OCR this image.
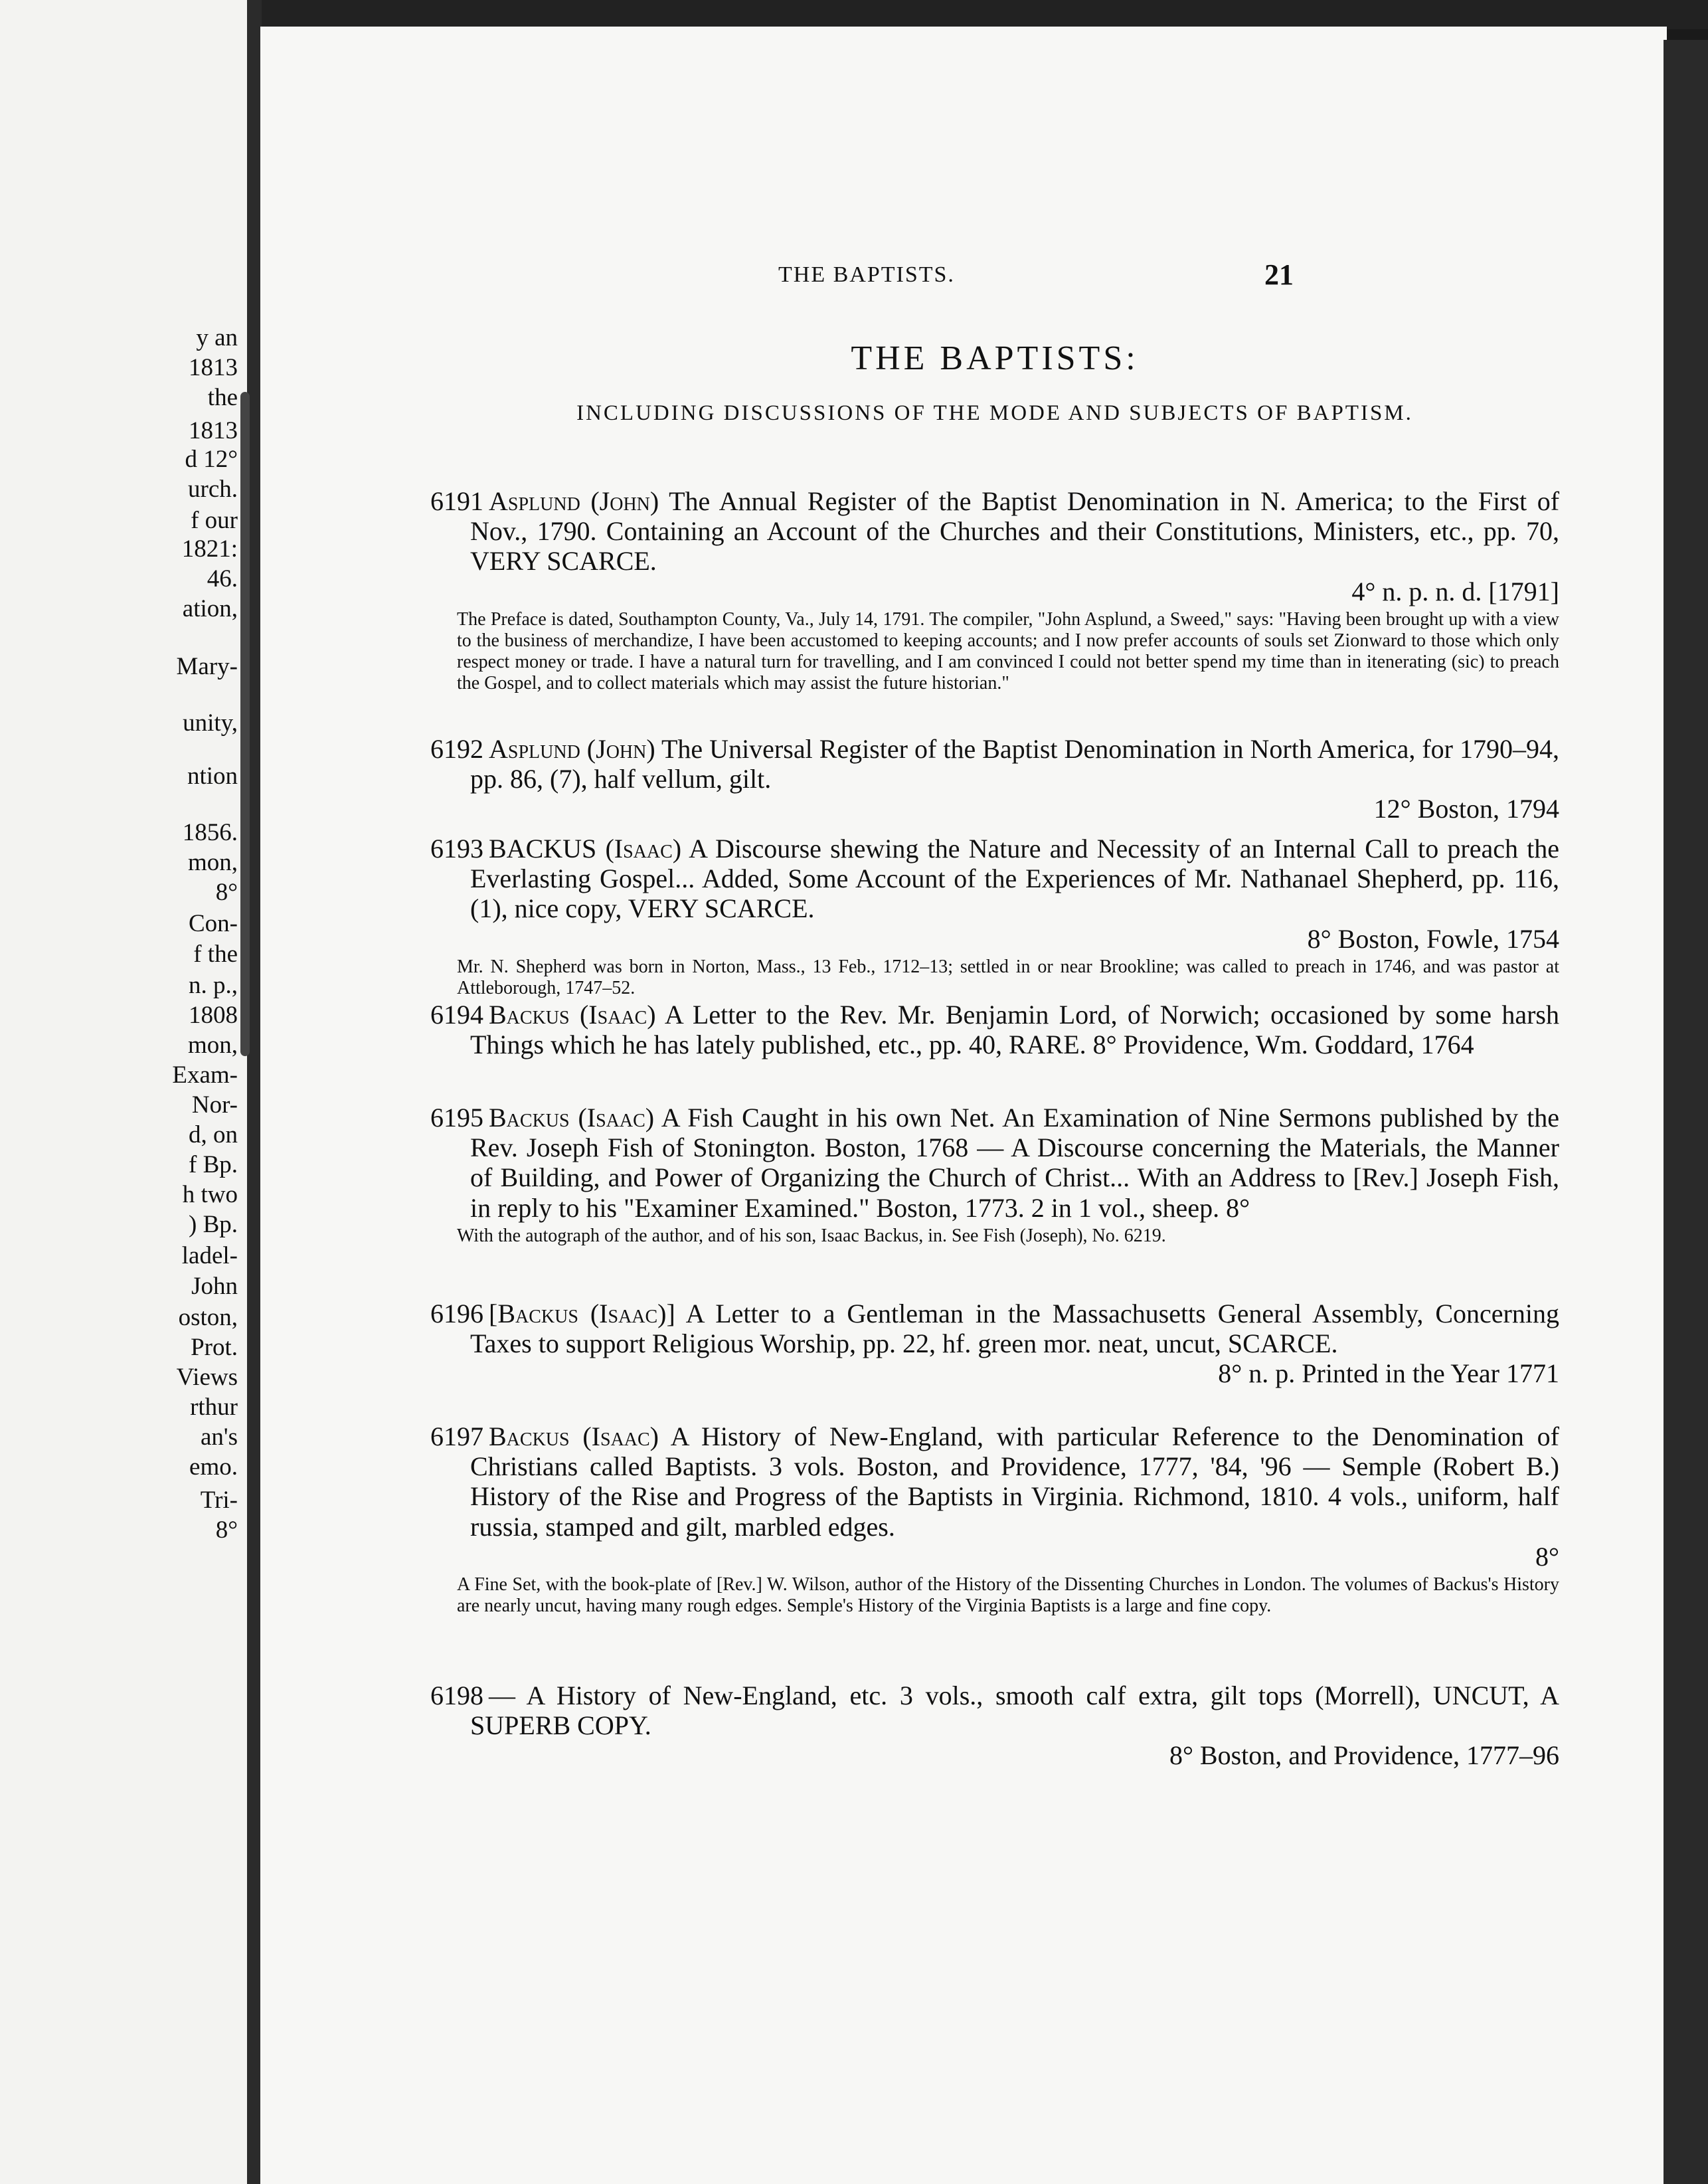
y an
1813
the
1813
d 12°
urch.
f our
1821:
46.
ation,
Mary-
unity,
ntion
1856.
mon,
8°
Con-
f the
n. p.,
1808
mon,
Exam-
Nor-
d, on
f Bp.
h two
) Bp.
ladel-
John
oston,
Prot.
Views
rthur
an's
emo.
Tri-
8°
THE BAPTISTS.	21
THE BAPTISTS:
INCLUDING DISCUSSIONS OF THE MODE AND SUBJECTS OF BAPTISM.
6191 Asplund (John) The Annual Register of the Baptist Denomination in N. America; to the First of Nov., 1790. Containing an Account of the Churches and their Constitutions, Ministers, etc., pp. 70, VERY SCARCE.
4° n. p. n. d. [1791]
The Preface is dated, Southampton County, Va., July 14, 1791. The compiler, "John Asplund, a Sweed," says: "Having been brought up with a view to the business of merchandize, I have been accustomed to keeping accounts; and I now prefer accounts of souls set Zionward to those which only respect money or trade. I have a natural turn for travelling, and I am convinced I could not better spend my time than in itenerating (sic) to preach the Gospel, and to collect materials which may assist the future historian."
6192 Asplund (John) The Universal Register of the Baptist Denomination in North America, for 1790–94, pp. 86, (7), half vellum, gilt.
12° Boston, 1794
6193 BACKUS (Isaac) A Discourse shewing the Nature and Necessity of an Internal Call to preach the Everlasting Gospel... Added, Some Account of the Experiences of Mr. Nathanael Shepherd, pp. 116, (1), nice copy, VERY SCARCE.
8° Boston, Fowle, 1754
Mr. N. Shepherd was born in Norton, Mass., 13 Feb., 1712–13; settled in or near Brookline; was called to preach in 1746, and was pastor at Attleborough, 1747–52.
6194 Backus (Isaac) A Letter to the Rev. Mr. Benjamin Lord, of Norwich; occasioned by some harsh Things which he has lately published, etc., pp. 40, RARE. 8° Providence, Wm. Goddard, 1764
6195 Backus (Isaac) A Fish Caught in his own Net. An Examination of Nine Sermons published by the Rev. Joseph Fish of Stonington. Boston, 1768 — A Discourse concerning the Materials, the Manner of Building, and Power of Organizing the Church of Christ... With an Address to [Rev.] Joseph Fish, in reply to his "Examiner Examined." Boston, 1773. 2 in 1 vol., sheep. 8°
With the autograph of the author, and of his son, Isaac Backus, in. See Fish (Joseph), No. 6219.
6196 [Backus (Isaac)] A Letter to a Gentleman in the Massachusetts General Assembly, Concerning Taxes to support Religious Worship, pp. 22, hf. green mor. neat, uncut, SCARCE.
8° n. p. Printed in the Year 1771
6197 Backus (Isaac) A History of New-England, with particular Reference to the Denomination of Christians called Baptists. 3 vols. Boston, and Providence, 1777, '84, '96 — Semple (Robert B.) History of the Rise and Progress of the Baptists in Virginia. Richmond, 1810. 4 vols., uniform, half russia, stamped and gilt, marbled edges.
8°
A Fine Set, with the book-plate of [Rev.] W. Wilson, author of the History of the Dissenting Churches in London. The volumes of Backus's History are nearly uncut, having many rough edges. Semple's History of the Virginia Baptists is a large and fine copy.
6198 — A History of New-England, etc. 3 vols., smooth calf extra, gilt tops (Morrell), UNCUT, A SUPERB COPY.
8° Boston, and Providence, 1777–96
